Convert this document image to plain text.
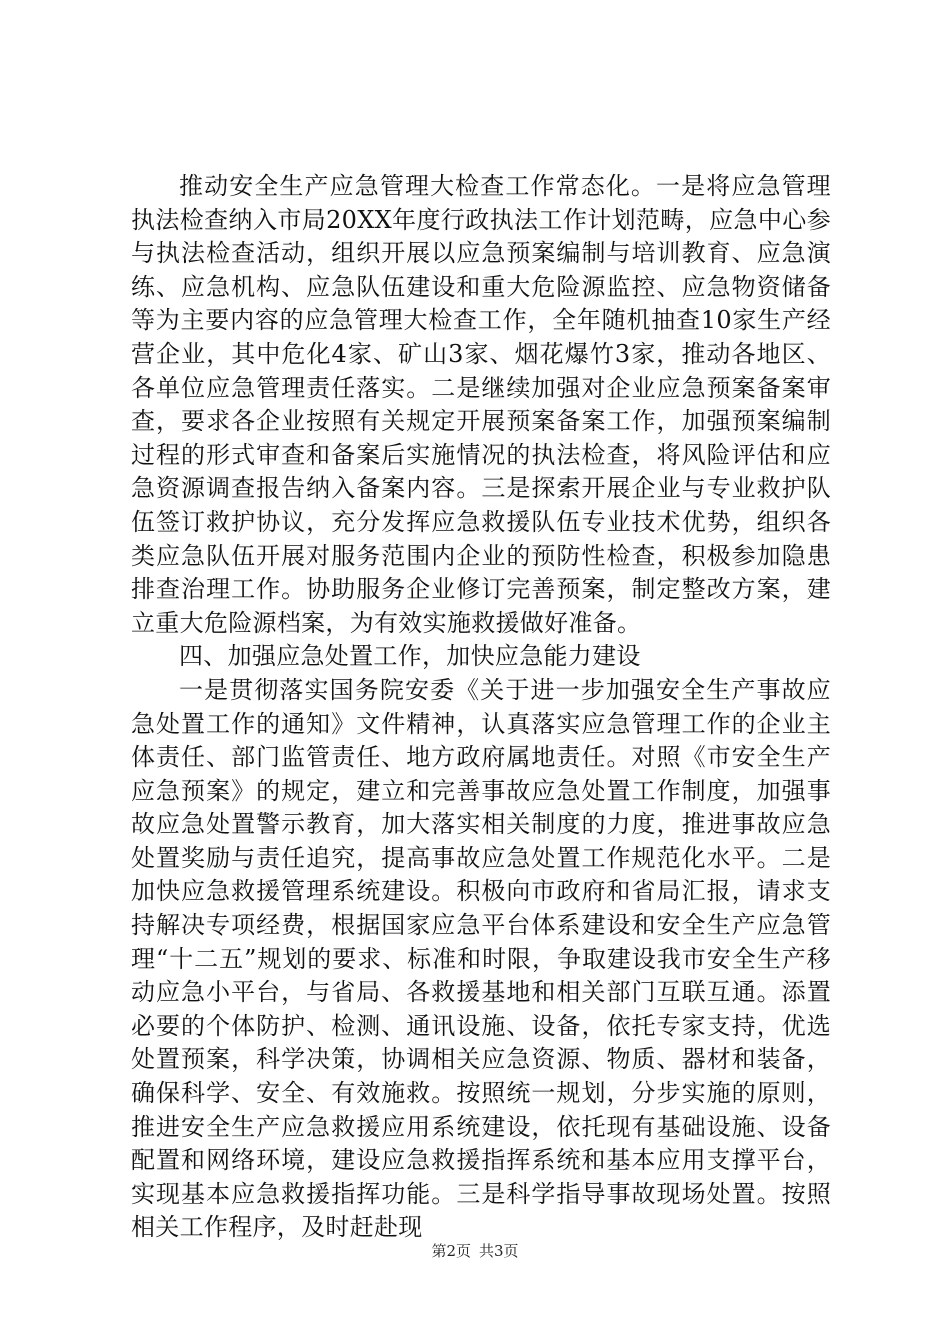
推动安全生产应急管理大检查工作常态化。一是将应急管理执法检查纳入市局20XX年度行政执法工作计划范畴，应急中心参与执法检查活动，组织开展以应急预案编制与培训教育、应急演练、应急机构、应急队伍建设和重大危险源监控、应急物资储备等为主要内容的应急管理大检查工作，全年随机抽查10家生产经营企业，其中危化4家、矿山3家、烟花爆竹3家，推动各地区、各单位应急管理责任落实。二是继续加强对企业应急预案备案审查，要求各企业按照有关规定开展预案备案工作，加强预案编制过程的形式审查和备案后实施情况的执法检查，将风险评估和应急资源调查报告纳入备案内容。三是探索开展企业与专业救护队伍签订救护协议，充分发挥应急救援队伍专业技术优势，组织各类应急队伍开展对服务范围内企业的预防性检查，积极参加隐患排查治理工作。协助服务企业修订完善预案，制定整改方案，建立重大危险源档案，为有效实施救援做好准备。

四、加强应急处置工作，加快应急能力建设

一是贯彻落实国务院安委《关于进一步加强安全生产事故应急处置工作的通知》文件精神，认真落实应急管理工作的企业主体责任、部门监管责任、地方政府属地责任。对照《市安全生产应急预案》的规定，建立和完善事故应急处置工作制度，加强事故应急处置警示教育，加大落实相关制度的力度，推进事故应急处置奖励与责任追究，提高事故应急处置工作规范化水平。二是加快应急救援管理系统建设。积极向市政府和省局汇报，请求支持解决专项经费，根据国家应急平台体系建设和安全生产应急管理“十二五”规划的要求、标准和时限，争取建设我市安全生产移动应急小平台，与省局、各救援基地和相关部门互联互通。添置必要的个体防护、检测、通讯设施、设备，依托专家支持，优选处置预案，科学决策，协调相关应急资源、物质、器材和装备，确保科学、安全、有效施救。按照统一规划，分步实施的原则，推进安全生产应急救援应用系统建设，依托现有基础设施、设备配置和网络环境，建设应急救援指挥系统和基本应用支撑平台，实现基本应急救援指挥功能。三是科学指导事故现场处置。按照相关工作程序，及时赶赴现

第2页 共3页
